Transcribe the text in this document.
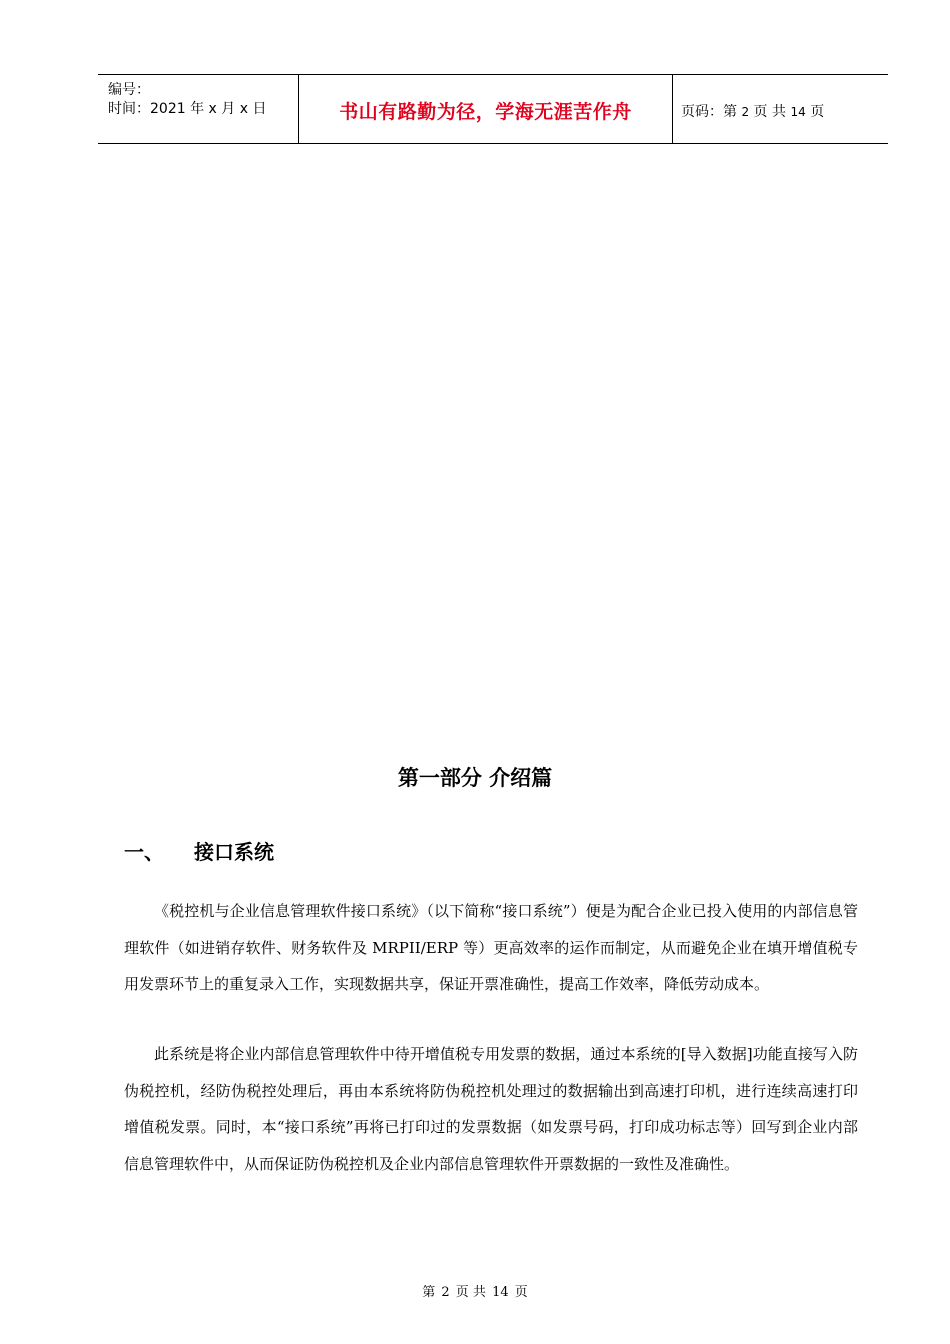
编号：
时间：2021 年 x 月 x 日	书山有路勤为径，学海无涯苦作舟	页码：第 2 页 共 14 页
第一部分 介绍篇
一、 接口系统

《税控机与企业信息管理软件接口系统》（以下简称“接口系统”）便是为配合企业已投入使用的内部信息管理软件（如进销存软件、财务软件及 MRPII/ERP 等）更高效率的运作而制定，从而避免企业在填开增值税专用发票环节上的重复录入工作，实现数据共享，保证开票准确性，提高工作效率，降低劳动成本。

此系统是将企业内部信息管理软件中待开增值税专用发票的数据，通过本系统的[导入数据]功能直接写入防伪税控机，经防伪税控处理后，再由本系统将防伪税控机处理过的数据输出到高速打印机，进行连续高速打印增值税发票。同时，本“接口系统”再将已打印过的发票数据（如发票号码，打印成功标志等）回写到企业内部信息管理软件中，从而保证防伪税控机及企业内部信息管理软件开票数据的一致性及准确性。

第 2 页 共 14 页
